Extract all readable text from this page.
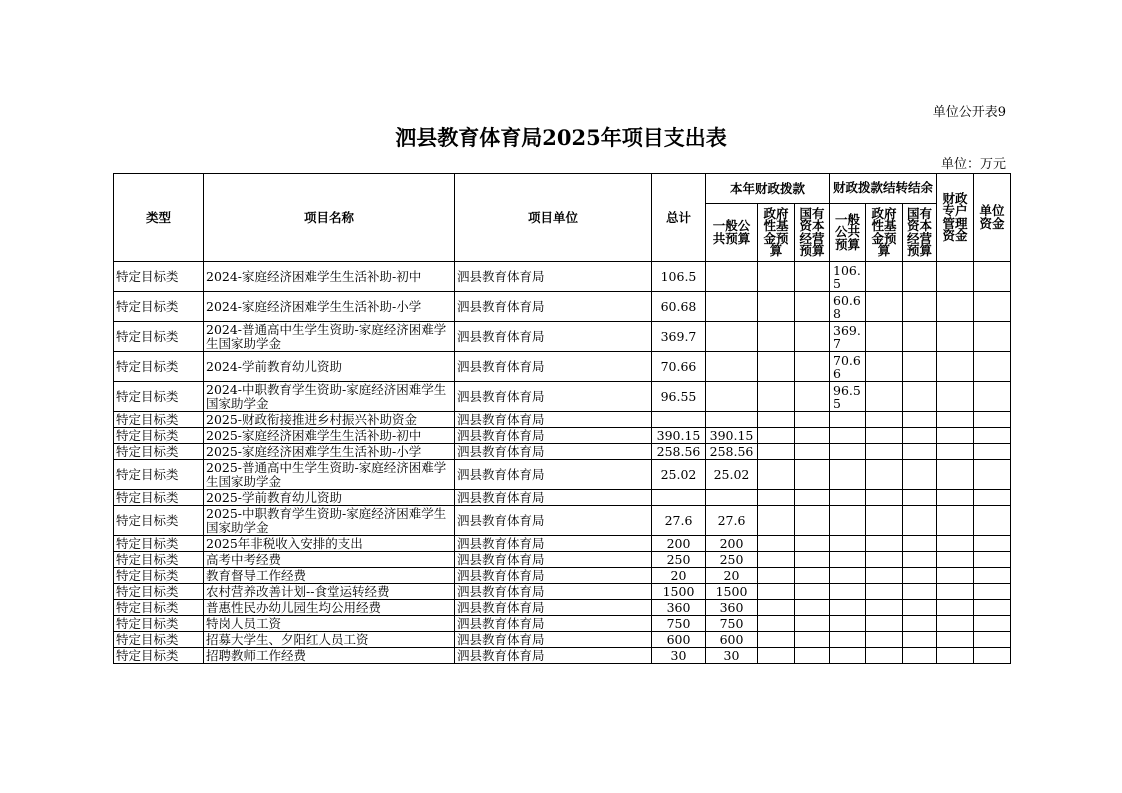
单位公开表9
泗县教育体育局2025年项目支出表
单位：万元
类型	项目名称	项目单位	总计	本年财政拨款			财政拨款结转结余			财政专户管理资金	单位资金
				一般公共预算	政府性基金预算	国有资本经营预算	一般公共预算	政府性基金预算	国有资本经营预算		
特定目标类	2024-家庭经济困难学生生活补助-初中	泗县教育体育局	106.5				106.5				
特定目标类	2024-家庭经济困难学生生活补助-小学	泗县教育体育局	60.68				60.68				
特定目标类	2024-普通高中生学生资助-家庭经济困难学生国家助学金	泗县教育体育局	369.7				369.7				
特定目标类	2024-学前教育幼儿资助	泗县教育体育局	70.66				70.66				
特定目标类	2024-中职教育学生资助-家庭经济困难学生国家助学金	泗县教育体育局	96.55				96.55				
特定目标类	2025-财政衔接推进乡村振兴补助资金	泗县教育体育局									
特定目标类	2025-家庭经济困难学生生活补助-初中	泗县教育体育局	390.15	390.15							
特定目标类	2025-家庭经济困难学生生活补助-小学	泗县教育体育局	258.56	258.56							
特定目标类	2025-普通高中生学生资助-家庭经济困难学生国家助学金	泗县教育体育局	25.02	25.02							
特定目标类	2025-学前教育幼儿资助	泗县教育体育局									
特定目标类	2025-中职教育学生资助-家庭经济困难学生国家助学金	泗县教育体育局	27.6	27.6							
特定目标类	2025年非税收入安排的支出	泗县教育体育局	200	200							
特定目标类	高考中考经费	泗县教育体育局	250	250							
特定目标类	教育督导工作经费	泗县教育体育局	20	20							
特定目标类	农村营养改善计划--食堂运转经费	泗县教育体育局	1500	1500							
特定目标类	普惠性民办幼儿园生均公用经费	泗县教育体育局	360	360							
特定目标类	特岗人员工资	泗县教育体育局	750	750							
特定目标类	招募大学生、夕阳红人员工资	泗县教育体育局	600	600							
特定目标类	招聘教师工作经费	泗县教育体育局	30	30							
